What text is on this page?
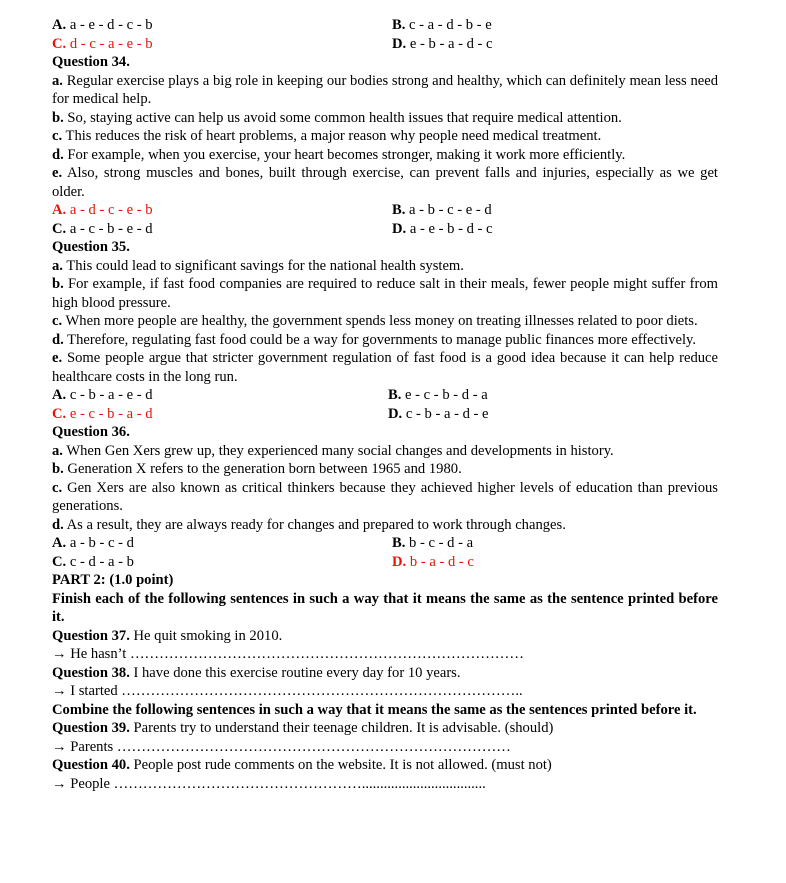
A. a - e - d - c - b	B. c - a - d - b - e
C. d - c - a - e - b	D. e - b - a - d - c
Question 34.

a. Regular exercise plays a big role in keeping our bodies strong and healthy, which can definitely mean less need for medical help.

b. So, staying active can help us avoid some common health issues that require medical attention.

c. This reduces the risk of heart problems, a major reason why people need medical treatment.

d. For example, when you exercise, your heart becomes stronger, making it work more efficiently.

e. Also, strong muscles and bones, built through exercise, can prevent falls and injuries, especially as we get older.

A. a - d - c - e - b	B. a - b - c - e - d
C. a - c - b - e - d	D. a - e - b - d - c
Question 35.

a. This could lead to significant savings for the national health system.

b. For example, if fast food companies are required to reduce salt in their meals, fewer people might suffer from high blood pressure.

c. When more people are healthy, the government spends less money on treating illnesses related to poor diets.

d. Therefore, regulating fast food could be a way for governments to manage public finances more effectively.

e. Some people argue that stricter government regulation of fast food is a good idea because it can help reduce healthcare costs in the long run.

A. c - b - a - e - d	B. e - c - b - d - a
C. e - c - b - a - d	D. c - b - a - d - e
Question 36.

a. When Gen Xers grew up, they experienced many social changes and developments in history.

b. Generation X refers to the generation born between 1965 and 1980.

c. Gen Xers are also known as critical thinkers because they achieved higher levels of education than previous generations.

d. As a result, they are always ready for changes and prepared to work through changes.

A. a - b - c - d	B. b - c - d - a
C. c - d - a - b	D. b - a - d - c
PART 2: (1.0 point)
Finish each of the following sentences in such a way that it means the same as the sentence printed before it.
Question 37. He quit smoking in 2010.
→ He hasn’t ………………………………………………………………………
Question 38. I have done this exercise routine every day for 10 years.
→ I started ………………………………………………………………………..
Combine the following sentences in such a way that it means the same as the sentences printed before it.
Question 39. Parents try to understand their teenage children. It is advisable. (should)
→ Parents ………………………………………………………………………
Question 40. People post rude comments on the website. It is not allowed. (must not)
→ People ……………………………………………..................................
